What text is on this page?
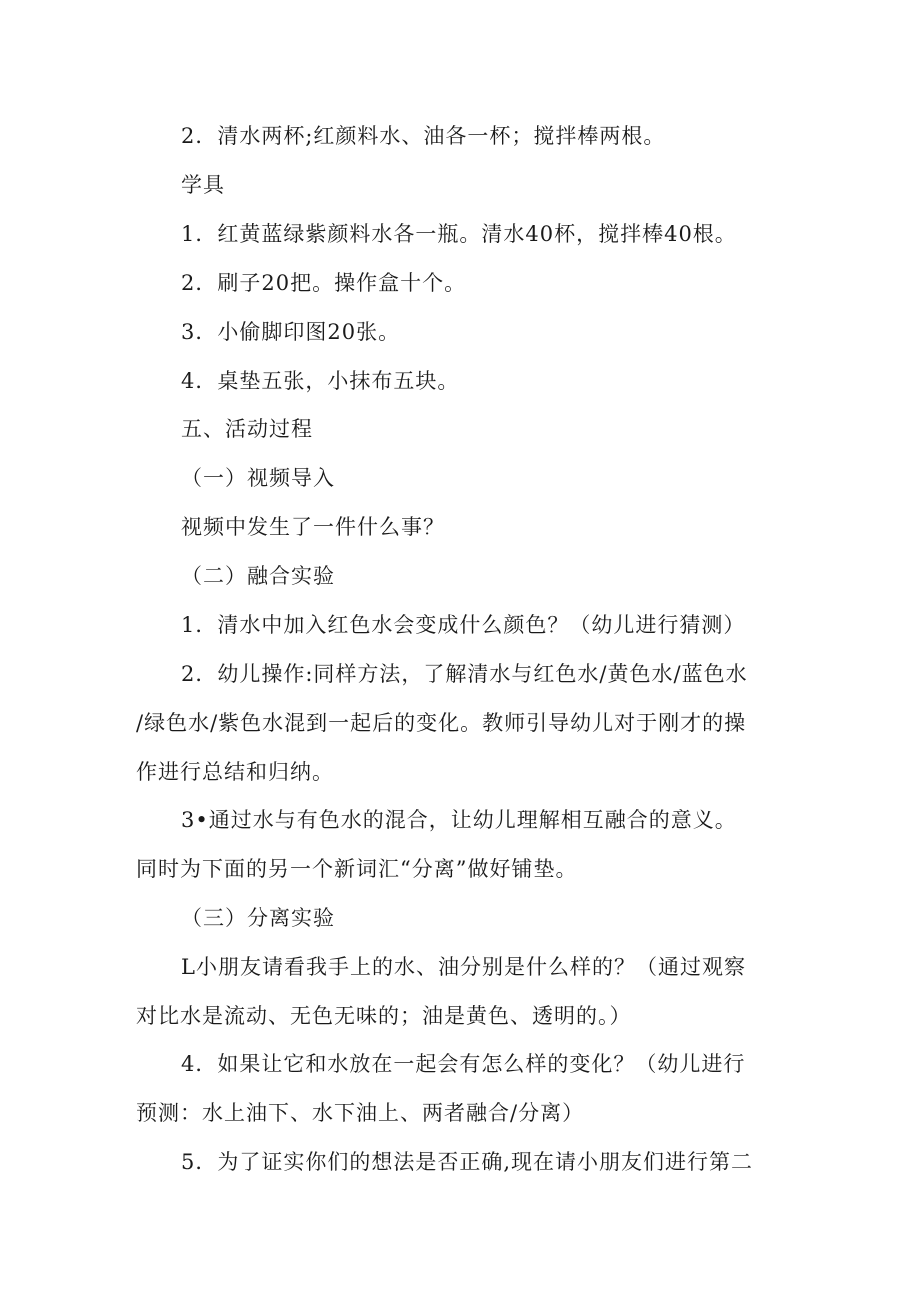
2．清水两杯;红颜料水、油各一杯；搅拌棒两根。
学具
1．红黄蓝绿紫颜料水各一瓶。清水40杯，搅拌棒40根。
2．刷子20把。操作盒十个。
3．小偷脚印图20张。
4．桌垫五张，小抹布五块。
五、活动过程
（一）视频导入
视频中发生了一件什么事？
（二）融合实验
1．清水中加入红色水会变成什么颜色？（幼儿进行猜测）
2．幼儿操作:同样方法，了解清水与红色水/黄色水/蓝色水
/绿色水/紫色水混到一起后的变化。教师引导幼儿对于刚才的操
作进行总结和归纳。
3•通过水与有色水的混合，让幼儿理解相互融合的意义。
同时为下面的另一个新词汇“分离”做好铺垫。
（三）分离实验
L小朋友请看我手上的水、油分别是什么样的？（通过观察
对比水是流动、无色无味的；油是黄色、透明的。）
4．如果让它和水放在一起会有怎么样的变化？（幼儿进行
预测：水上油下、水下油上、两者融合/分离）
5．为了证实你们的想法是否正确,现在请小朋友们进行第二
